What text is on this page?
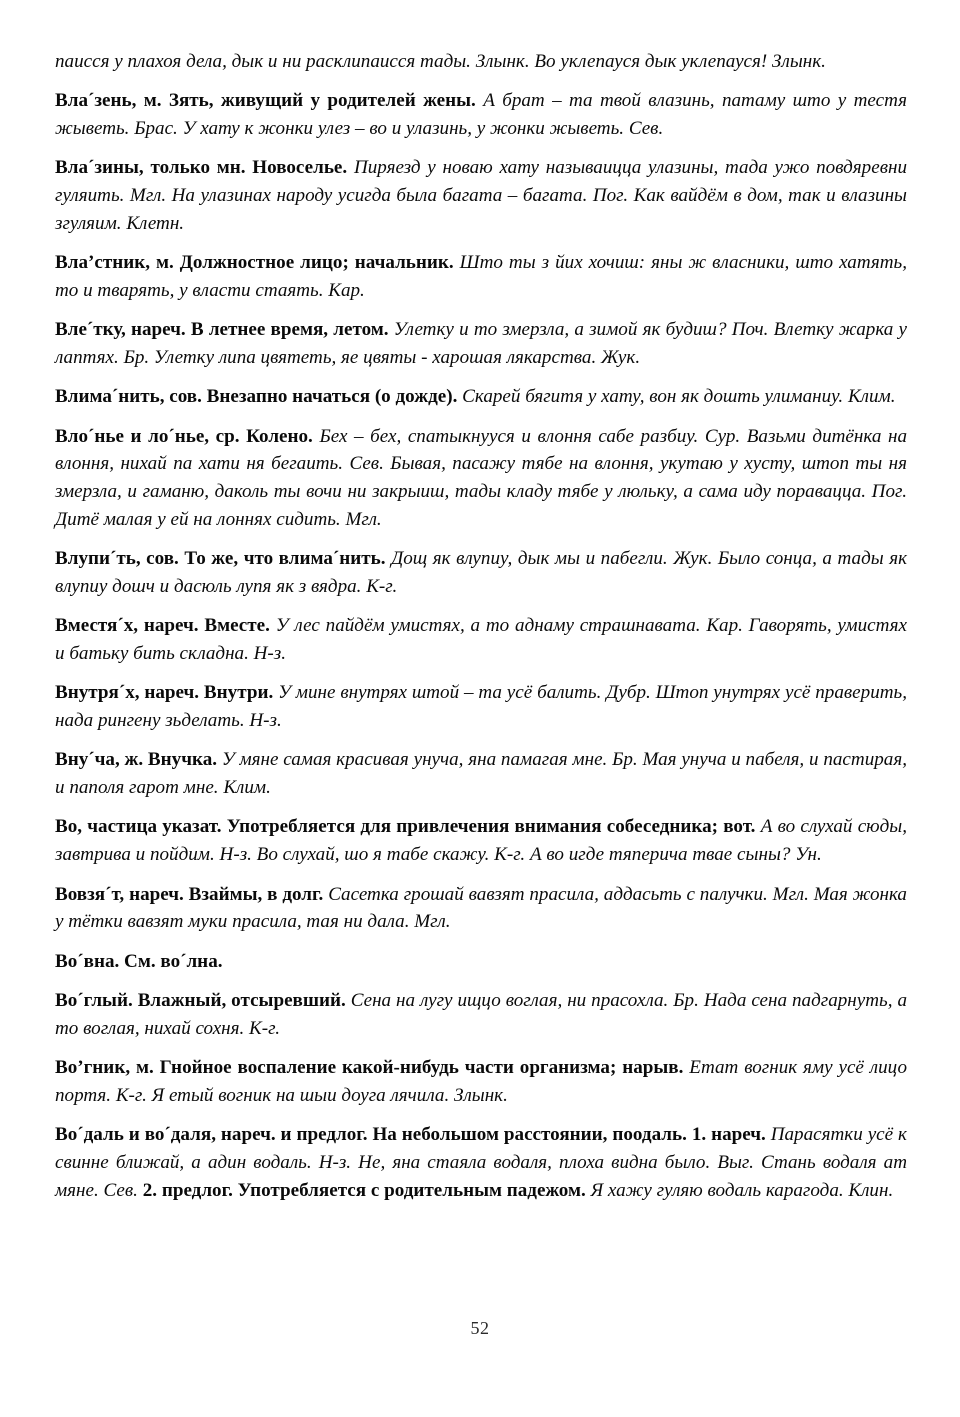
паисся у плахоя дела, дык и ни расклипаисся тады. Злынк. Во уклепауся дык уклепауся! Злынк.

Вла´зень, м. Зять, живущий у родителей жены. А брат – та твой влазинь, патаму што у тестя жыветь. Брас. У хату к жонки улез – во и улазинь, у жонки жыветь. Сев.

Вла´зины, только мн. Новоселье. Пиряезд у новаю хату называицца улазины, тада ужо повдяревни гуляить. Мгл. На улазинах народу усигда была багата – багата. Пог. Как вайдём в дом, так и влазины згуляим. Клетн.

Вла’стник, м. Должностное лицо; начальник. Што ты з йих хочиш: яны ж власники, што хатять, то и тварять, у власти стаять. Кар.

Вле´тку, нареч. В летнее время, летом. Улетку и то змерзла, а зимой як будиш? Поч. Влетку жарка у лаптях. Бр. Улетку липа цвятеть, яе цвяты - харошая лякарства. Жук.

Влима´нить, сов. Внезапно начаться (о дожде). Скарей бягитя у хату, вон як дошть улиманиу. Клим.

Вло´нье и ло´нье, ср. Колено. Бех – бех, спатыкнууся и влоння сабе разбиу. Сур. Вазьми дитёнка на влоння, нихай па хати ня бегаить. Сев. Бывая, пасажу тябе на влоння, укутаю у хусту, штоп ты ня змерзла, и гаманю, даколь ты вочи ни закрыиш, тады кладу тябе у люльку, а сама иду поравацца. Пог. Дитё малая у ей на лоннях сидить. Мгл.

Влупи´ть, сов. То же, что влима´нить. Дощ як влупиу, дык мы и пабегли. Жук. Было сонца, а тады як влупиу дошч и дасюль лупя як з вядра. К-г.

Вместя´х, нареч. Вместе. У лес пайдём умистях, а то аднаму страшнавата. Кар. Гаворять, умистях и батьку бить складна. Н-з.

Внутря´х, нареч. Внутри. У мине внутрях штой – та усё балить. Дубр. Штоп унутрях усё праверить, нада рингену зьделать. Н-з.

Вну´ча, ж. Внучка. У мяне самая красивая унуча, яна памагая мне. Бр. Мая унуча и пабеля, и пастирая, и паполя гарот мне. Клим.

Во, частица указат. Употребляется для привлечения внимания собеседника; вот. А во слухай сюды, завтрива и пойдим. Н-з. Во слухай, шо я табе скажу. К-г. А во игде тяперича твае сыны? Ун.

Вовзя´т, нареч. Взаймы, в долг. Сасетка грошай вавзят прасила, аддасьть с палучки. Мгл. Мая жонка у тётки вавзят муки прасила, тая ни дала. Мгл.

Во´вна. См. во´лна.

Во´глый. Влажный, отсыревший. Сена на лугу ищцо воглая, ни прасохла. Бр. Нада сена падгарнуть, а то воглая, нихай сохня. К-г.

Во’гник, м. Гнойное воспаление какой-нибудь части организма; нарыв. Етат вогник яму усё лицо портя. К-г. Я етый вогник на шыи доуга лячила. Злынк.

Во´даль и во´даля, нареч. и предлог. На небольшом расстоянии, поодаль. 1. нареч. Парасятки усё к свинне ближай, а адин водаль. Н-з. Не, яна стаяла водаля, плоха видна было. Выг. Стань водаля ат мяне. Сев. 2. предлог. Употребляется с родительным падежом. Я хажу гуляю водаль карагода. Клин.

52
